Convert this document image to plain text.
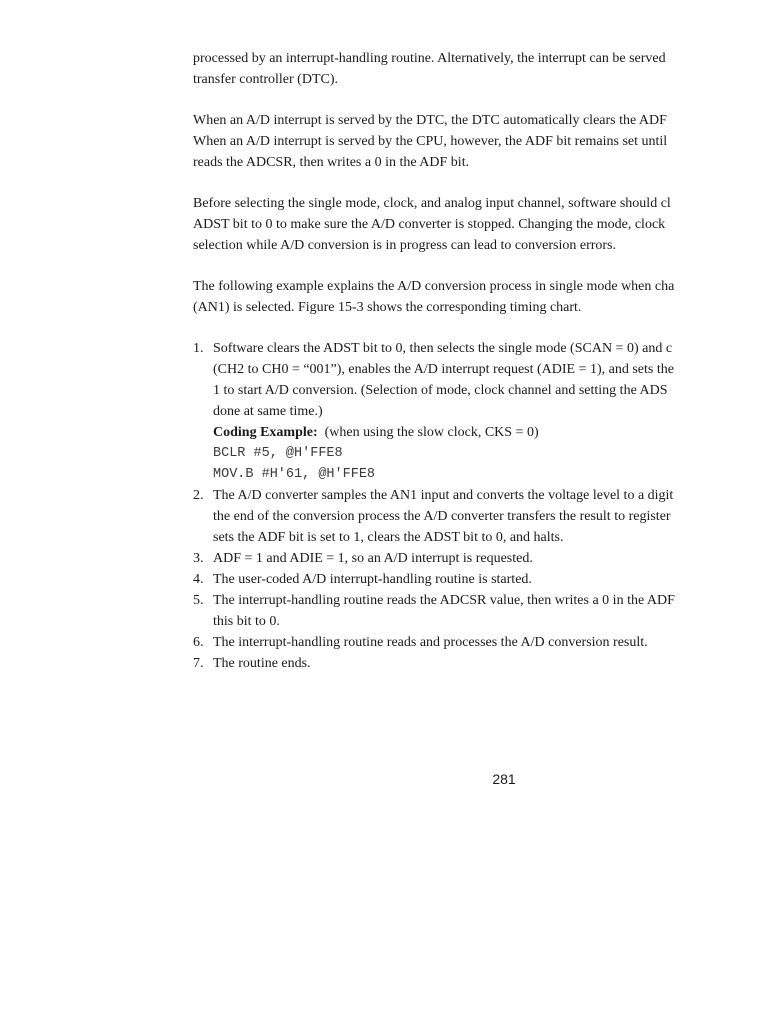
processed by an interrupt-handling routine. Alternatively, the interrupt can be served
transfer controller (DTC).

When an A/D interrupt is served by the DTC, the DTC automatically clears the ADF
When an A/D interrupt is served by the CPU, however, the ADF bit remains set until
reads the ADCSR, then writes a 0 in the ADF bit.

Before selecting the single mode, clock, and analog input channel, software should cl
ADST bit to 0 to make sure the A/D converter is stopped. Changing the mode, clock
selection while A/D conversion is in progress can lead to conversion errors.

The following example explains the A/D conversion process in single mode when cha
(AN1) is selected. Figure 15-3 shows the corresponding timing chart.

1. Software clears the ADST bit to 0, then selects the single mode (SCAN = 0) and c
(CH2 to CH0 = “001”), enables the A/D interrupt request (ADIE = 1), and sets the
1 to start A/D conversion. (Selection of mode, clock channel and setting the ADS
done at same time.)
Coding Example:  (when using the slow clock, CKS = 0)
BCLR #5, @H'FFE8
MOV.B #H'61, @H'FFE8
2. The A/D converter samples the AN1 input and converts the voltage level to a digit
the end of the conversion process the A/D converter transfers the result to register
sets the ADF bit is set to 1, clears the ADST bit to 0, and halts.
3. ADF = 1 and ADIE = 1, so an A/D interrupt is requested.
4. The user-coded A/D interrupt-handling routine is started.
5. The interrupt-handling routine reads the ADCSR value, then writes a 0 in the ADF
this bit to 0.
6. The interrupt-handling routine reads and processes the A/D conversion result.
7. The routine ends.
281
